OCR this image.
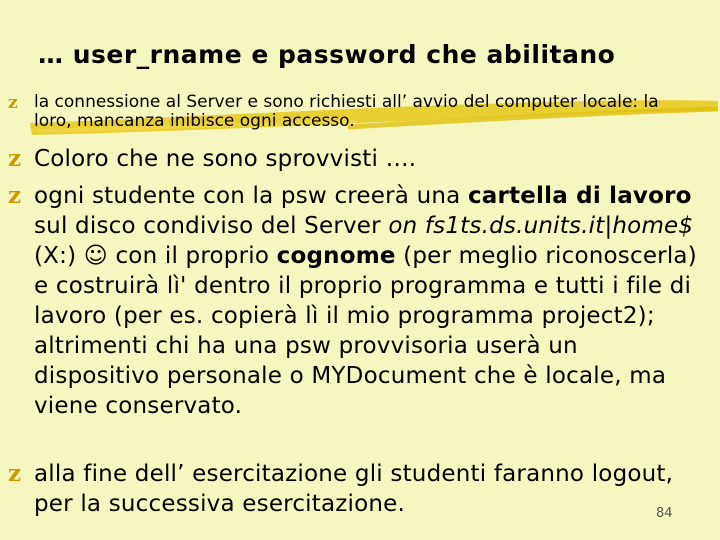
… user_rname e password che abilitano
z la connessione al Server e sono richiesti all’ avvio del computer locale: la
loro, mancanza inibisce ogni accesso.
z Coloro che ne sono sprovvisti ….
z ogni studente con la psw creerà una cartella di lavoro sul disco condiviso del Server on fs1ts.ds.units.it|home$ (X:) ☺ con il proprio cognome (per meglio riconoscerla) e costruirà lì' dentro il proprio programma e tutti i file di lavoro (per es. copierà lì il mio programma project2); altrimenti chi ha una psw provvisoria userà un dispositivo personale o MYDocument che è locale, ma viene conservato.
z alla fine dell’ esercitazione gli studenti faranno logout, per la successiva esercitazione.	84
